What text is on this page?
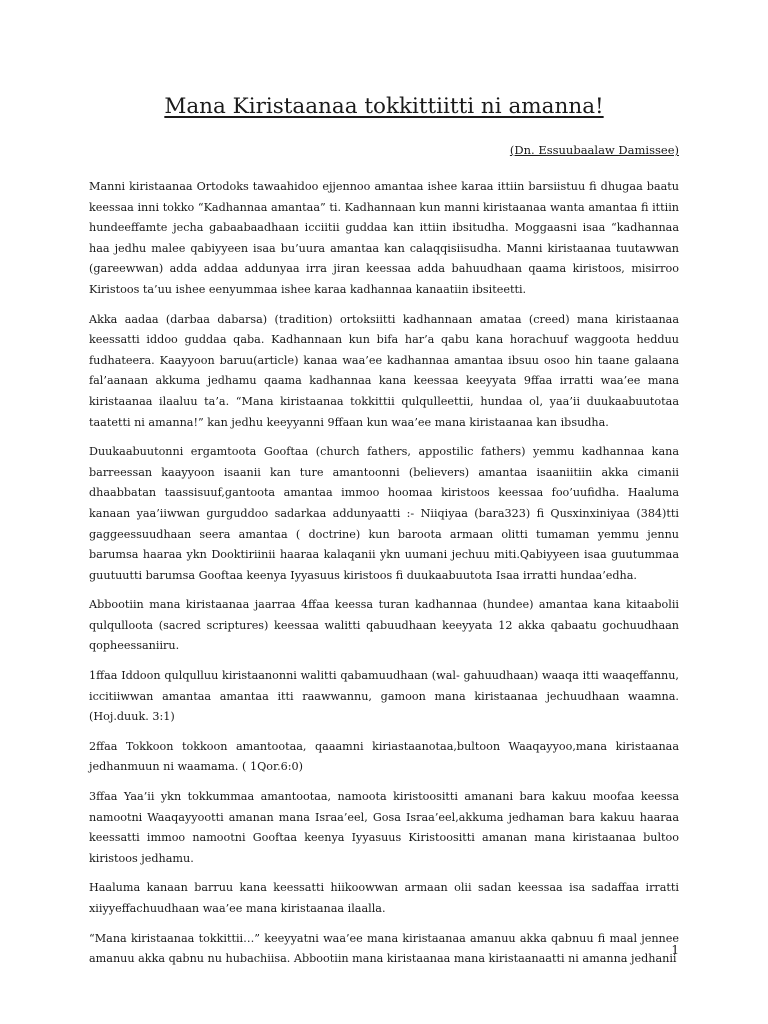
Mana Kiristaanaa tokkittiitti ni amanna!
(Dn. Essuubaalaw Damissee)

Manni kiristaanaa Ortodoks tawaahidoo ejjennoo amantaa ishee karaa ittiin barsiistuu fi dhugaa baatu keessaa inni tokko “Kadhannaa amantaa” ti. Kadhannaan kun manni kiristaanaa wanta amantaa fi ittiin hundeeffamte jecha gabaabaadhaan icciitii guddaa kan ittiin ibsitudha. Moggaasni isaa “kadhannaa haa jedhu malee qabiyyeen isaa bu’uura amantaa kan calaqqisiisudha. Manni kiristaanaa tuutawwan (gareewwan) adda addaa addunyaa irra jiran keessaa adda bahuudhaan qaama kiristoos, misirroo Kiristoos ta’uu ishee eenyummaa ishee karaa kadhannaa kanaatiin ibsiteetti.

Akka aadaa (darbaa dabarsa) (tradition) ortoksiitti kadhannaan amataa (creed) mana kiristaanaa keessatti iddoo guddaa qaba. Kadhannaan kun bifa har’a qabu kana horachuuf waggoota hedduu fudhateera. Kaayyoon baruu(article) kanaa waa’ee kadhannaa amantaa ibsuu osoo hin taane galaana fal’aanaan akkuma jedhamu qaama kadhannaa kana keessaa keeyyata 9ffaa irratti waa’ee mana kiristaanaa ilaaluu ta’a. “Mana kiristaanaa tokkittii qulqulleettii, hundaa ol, yaa’ii duukaabuutotaa taatetti ni amanna!” kan jedhu keeyyanni 9ffaan kun waa’ee mana kiristaanaa kan ibsudha.

Duukaabuutonni ergamtoota Gooftaa (church fathers, appostilic fathers) yemmu kadhannaa kana barreessan kaayyoon isaanii kan ture amantoonni (believers) amantaa isaaniitiin akka cimanii dhaabbatan taassisuuf,gantoota amantaa immoo hoomaa kiristoos keessaa foo’uufidha. Haaluma kanaan yaa’iiwwan gurguddoo sadarkaa addunyaatti :- Niiqiyaa (bara323) fi Qusxinxiniyaa (384)tti gaggeessuudhaan seera amantaa ( doctrine) kun baroota armaan olitti tumaman yemmu jennu barumsa haaraa ykn Dooktiriinii haaraa kalaqanii ykn uumani jechuu miti.Qabiyyeen isaa guutummaa guutuutti barumsa Gooftaa keenya Iyyasuus kiristoos fi duukaabuutota Isaa irratti hundaa’edha.

Abbootiin mana kiristaanaa jaarraa 4ffaa keessa turan kadhannaa (hundee) amantaa kana kitaabolii qulqulloota (sacred scriptures) keessaa walitti qabuudhaan keeyyata 12 akka qabaatu gochuudhaan qopheessaniiru.

1ffaa Iddoon qulqulluu kiristaanonni walitti qabamuudhaan (wal- gahuudhaan) waaqa itti waaqeffannu, iccitiiwwan amantaa amantaa itti raawwannu, gamoon mana kiristaanaa jechuudhaan waamna. (Hoj.duuk. 3:1)

2ffaa Tokkoon tokkoon amantootaa, qaaamni kiriastaanotaa,bultoon Waaqayyoo,mana kiristaanaa jedhanmuun ni waamama. ( 1Qor.6:0)

3ffaa Yaa’ii ykn tokkummaa amantootaa, namoota kiristoositti amanani bara kakuu moofaa keessa namootni Waaqayyootti amanan mana Israa’eel, Gosa Israa’eel,akkuma jedhaman bara kakuu haaraa keessatti immoo namootni Gooftaa keenya Iyyasuus Kiristoositti amanan mana kiristaanaa bultoo kiristoos jedhamu.

Haaluma kanaan barruu kana keessatti hiikoowwan armaan olii sadan keessaa isa sadaffaa irratti xiiyyeffachuudhaan waa’ee mana kiristaanaa ilaalla.

“Mana kiristaanaa tokkittii…” keeyyatni waa’ee mana kiristaanaa amanuu akka qabnuu fi maal jennee amanuu akka qabnu nu hubachiisa. Abbootiin mana kiristaanaa mana kiristaanaatti ni amanna jedhanii

1
